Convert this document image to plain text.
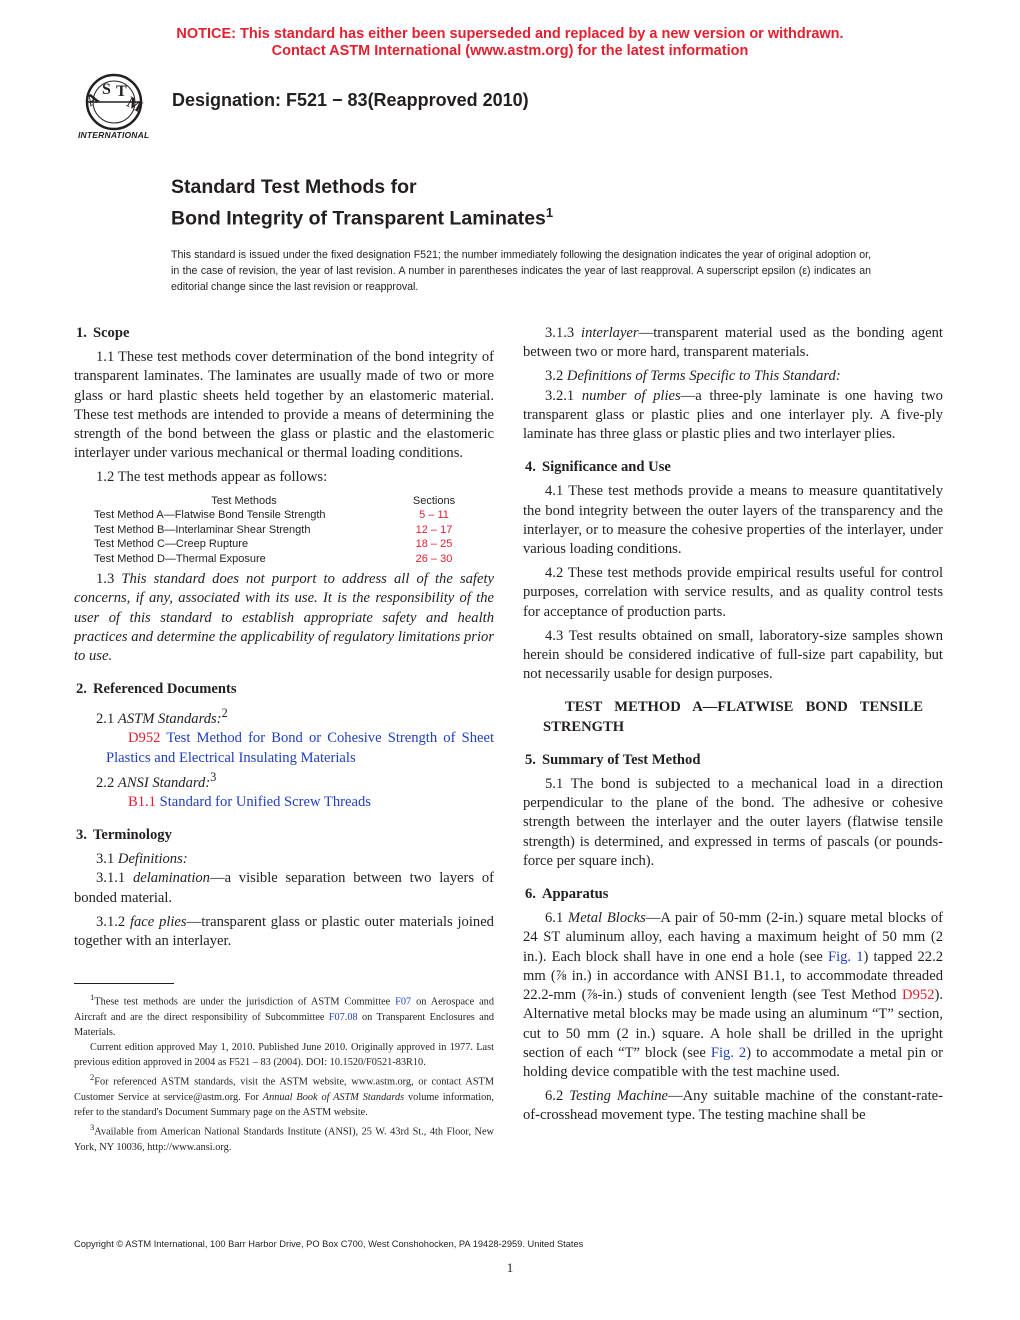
NOTICE: This standard has either been superseded and replaced by a new version or withdrawn.
Contact ASTM International (www.astm.org) for the latest information
A
S T
M
INTERNATIONAL
Designation: F521 − 83(Reapproved 2010)
Standard Test Methods for
Bond Integrity of Transparent Laminates$^1$
This standard is issued under the fixed designation F521; the number immediately following the designation indicates the year of original adoption or, in the case of revision, the year of last revision. A number in parentheses indicates the year of last reapproval. A superscript epsilon (ε) indicates an editorial change since the last revision or reapproval.
1. Scope

1.1 These test methods cover determination of the bond integrity of transparent laminates. The laminates are usually made of two or more glass or hard plastic sheets held together by an elastomeric material. These test methods are intended to provide a means of determining the strength of the bond between the glass or plastic and the elastomeric interlayer under various mechanical or thermal loading conditions.

1.2 The test methods appear as follows:

Test Methods	Sections
Test Method A—Flatwise Bond Tensile Strength	5 – 11
Test Method B—Interlaminar Shear Strength	12 – 17
Test Method C—Creep Rupture	18 – 25
Test Method D—Thermal Exposure	26 – 30

1.3 This standard does not purport to address all of the safety concerns, if any, associated with its use. It is the responsibility of the user of this standard to establish appropriate safety and health practices and determine the applicability of regulatory limitations prior to use.

2. Referenced Documents

2.1 ASTM Standards:$^2$

D952 Test Method for Bond or Cohesive Strength of Sheet Plastics and Electrical Insulating Materials

2.2 ANSI Standard:$^3$

B1.1 Standard for Unified Screw Threads

3. Terminology

3.1 Definitions:

3.1.1 delamination—a visible separation between two layers of bonded material.

3.1.2 face plies—transparent glass or plastic outer materials joined together with an interlayer.

$^1$These test methods are under the jurisdiction of ASTM Committee F07 on Aerospace and Aircraft and are the direct responsibility of Subcommittee F07.08 on Transparent Enclosures and Materials.

Current edition approved May 1, 2010. Published June 2010. Originally approved in 1977. Last previous edition approved in 2004 as F521 – 83 (2004). DOI: 10.1520/F0521-83R10.

$^2$For referenced ASTM standards, visit the ASTM website, www.astm.org, or contact ASTM Customer Service at service@astm.org. For Annual Book of ASTM Standards volume information, refer to the standard's Document Summary page on the ASTM website.

$^3$Available from American National Standards Institute (ANSI), 25 W. 43rd St., 4th Floor, New York, NY 10036, http://www.ansi.org.

3.1.3 interlayer—transparent material used as the bonding agent between two or more hard, transparent materials.

3.2 Definitions of Terms Specific to This Standard:

3.2.1 number of plies—a three-ply laminate is one having two transparent glass or plastic plies and one interlayer ply. A five-ply laminate has three glass or plastic plies and two interlayer plies.

4. Significance and Use

4.1 These test methods provide a means to measure quantitatively the bond integrity between the outer layers of the transparency and the interlayer, or to measure the cohesive properties of the interlayer, under various loading conditions.

4.2 These test methods provide empirical results useful for control purposes, correlation with service results, and as quality control tests for acceptance of production parts.

4.3 Test results obtained on small, laboratory-size samples shown herein should be considered indicative of full-size part capability, but not necessarily usable for design purposes.

TEST METHOD A—FLATWISE BOND TENSILE STRENGTH

5. Summary of Test Method

5.1 The bond is subjected to a mechanical load in a direction perpendicular to the plane of the bond. The adhesive or cohesive strength between the interlayer and the outer layers (flatwise tensile strength) is determined, and expressed in terms of pascals (or pounds-force per square inch).

6. Apparatus

6.1 Metal Blocks—A pair of 50-mm (2-in.) square metal blocks of 24 ST aluminum alloy, each having a maximum height of 50 mm (2 in.). Each block shall have in one end a hole (see Fig. 1) tapped 22.2 mm (⅞ in.) in accordance with ANSI B1.1, to accommodate threaded 22.2-mm (⅞-in.) studs of convenient length (see Test Method D952). Alternative metal blocks may be made using an aluminum “T” section, cut to 50 mm (2 in.) square. A hole shall be drilled in the upright section of each “T” block (see Fig. 2) to accommodate a metal pin or holding device compatible with the test machine used.

6.2 Testing Machine—Any suitable machine of the constant-rate-of-crosshead movement type. The testing machine shall be

Copyright © ASTM International, 100 Barr Harbor Drive, PO Box C700, West Conshohocken, PA 19428-2959. United States
1
